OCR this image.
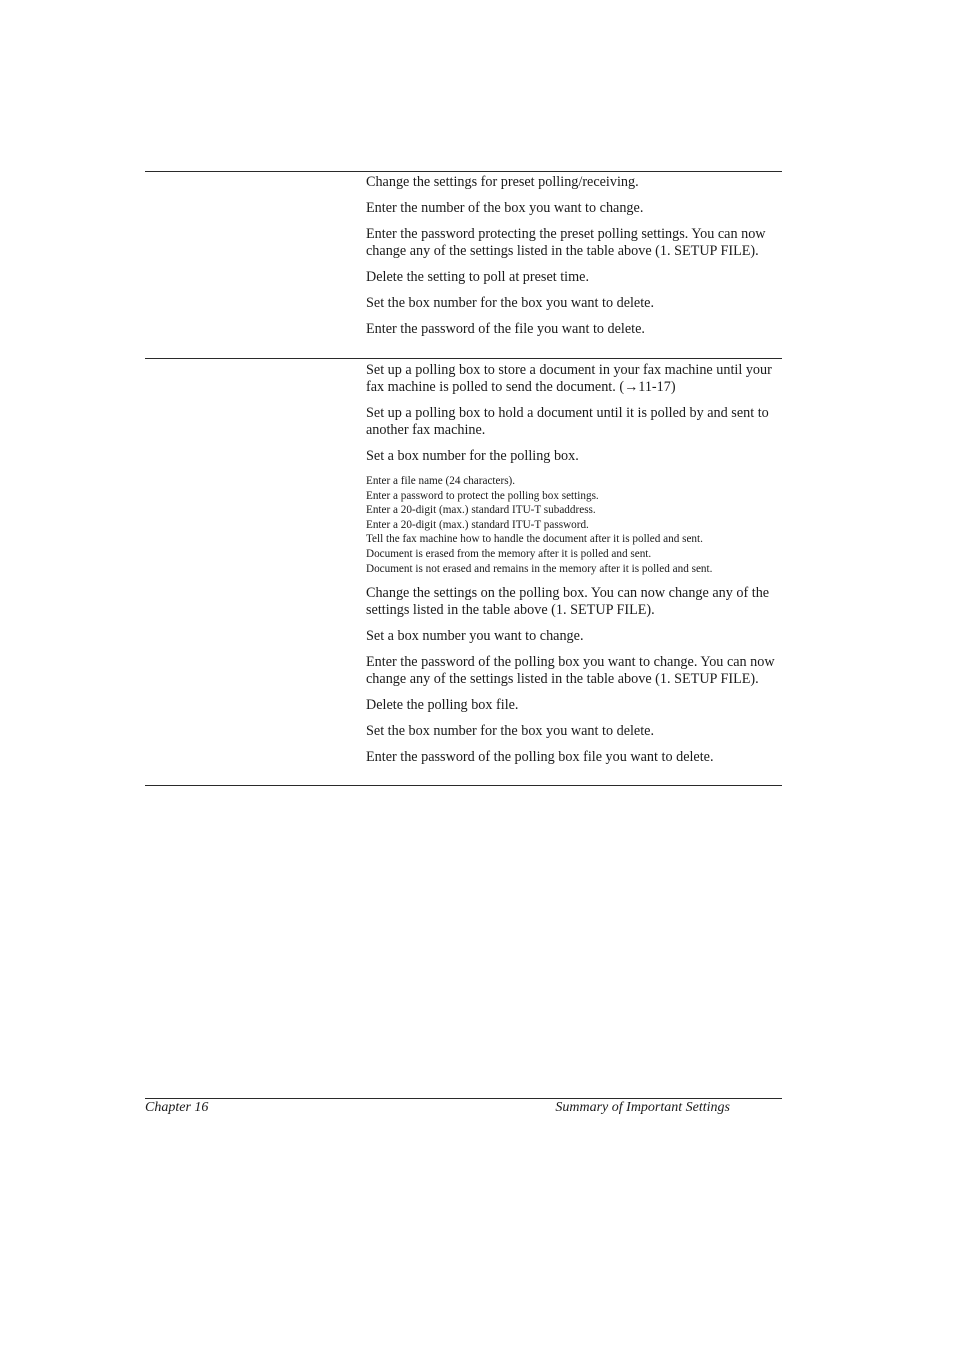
Change the settings for preset polling/receiving.

Enter the number of the box you want to change.

Enter the password protecting the preset polling settings. You can now change any of the settings listed in the table above (1. SETUP FILE).

Delete the setting to poll at preset time.

Set the box number for the box you want to delete.

Enter the password of the file you want to delete.

Set up a polling box to store a document in your fax machine until your fax machine is polled to send the document. (→11-17)

Set up a polling box to hold a document until it is polled by and sent to another fax machine.

Set a box number for the polling box.

Enter a file name (24 characters).

Enter a password to protect the polling box settings.

Enter a 20-digit (max.) standard ITU-T subaddress.

Enter a 20-digit (max.) standard ITU-T password.

Tell the fax machine how to handle the document after it is polled and sent.

Document is erased from the memory after it is polled and sent.

Document is not erased and remains in the memory after it is polled and sent.

Change the settings on the polling box. You can now change any of the settings listed in the table above (1. SETUP FILE).

Set a box number you want to change.

Enter the password of the polling box you want to change. You can now change any of the settings listed in the table above (1. SETUP FILE).

Delete the polling box file.

Set the box number for the box you want to delete.

Enter the password of the polling box file you want to delete.

Chapter 16	Summary of Important Settings
